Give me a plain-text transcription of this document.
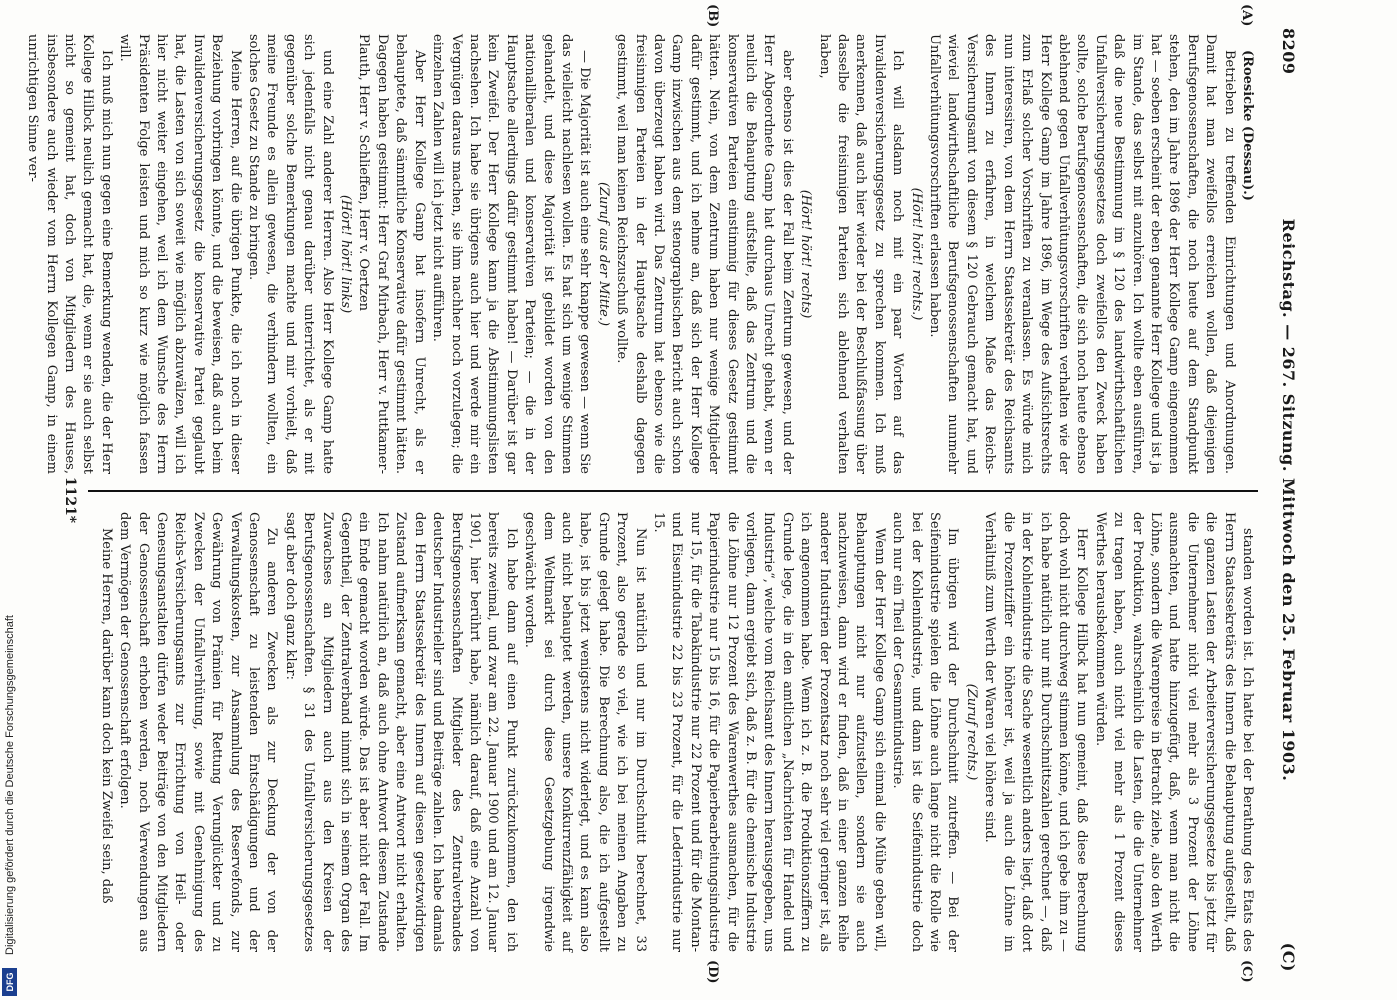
8209
Reichstag. — 267. Sitzung. Mittwoch den 25. Februar 1903.
(C)
(A)
(B)
(C)
(D)

(Roesicke (Dessau).)

Betrieben zu treffenden Einrichtungen und Anordnungen. Damit hat man zweifellos erreichen wollen, daß diejenigen Berufsgenossenschaften, die noch heute auf dem Standpunkt stehen, den im Jahre 1896 der Herr Kollege Gamp eingenommen hat — soeben erscheint der eben genannte Herr Kollege und ist ja im Stande, das selbst mit anzuhören. Ich wollte eben ausführen, daß die neue Bestimmung im § 120 des landwirthschaftlichen Unfallversicherungsgesetzes doch zweifellos den Zweck haben sollte, solche Berufsgenossenschaften, die sich noch heute ebenso ablehnend gegen Unfallverhütungsvorschriften verhalten wie der Herr Kollege Gamp im Jahre 1896, im Wege des Aufsichtsrechts zum Erlaß solcher Vorschriften zu veranlassen. Es würde mich nun interessiren, von dem Herrn Staatssekretär des Reichsamts des Innern zu erfahren, in welchem Maße das Reichs-Versicherungsamt von diesem § 120 Gebrauch gemacht hat, und wieviel landwirthschaftliche Berufsgenossenschaften nunmehr Unfallverhütungsvorschriften erlassen haben.

(Hört! hört! rechts.)

Ich will alsdann noch mit ein paar Worten auf das Invalidenversicherungsgesetz zu sprechen kommen. Ich muß anerkennen, daß auch hier wieder bei der Beschlußfassung über dasselbe die freisinnigen Parteien sich ablehnend verhalten haben,

(Hört! hört! rechts)

aber ebenso ist dies der Fall beim Zentrum gewesen, und der Herr Abgeordnete Gamp hat durchaus Unrecht gehabt, wenn er neulich die Behauptung aufstellte, daß das Zentrum und die konservativen Parteien einstimmig für dieses Gesetz gestimmt hätten. Nein, von dem Zentrum haben nur wenige Mitglieder dafür gestimmt, und ich nehme an, daß sich der Herr Kollege Gamp inzwischen aus dem stenographischen Bericht auch schon davon überzeugt haben wird. Das Zentrum hat ebenso wie die freisinnigen Parteien in der Hauptsache deshalb dagegen gestimmt, weil man keinen Reichszuschuß wollte.

(Zuruf aus der Mitte.)

— Die Majorität ist auch eine sehr knappe gewesen — wenn Sie das vielleicht nachlesen wollen. Es hat sich um wenige Stimmen gehandelt, und diese Majorität ist gebildet worden von den nationalliberalen und konservativen Parteien; — die in der Hauptsache allerdings dafür gestimmt haben! — Darüber ist gar kein Zweifel. Der Herr Kollege kann ja die Abstimmungslisten nachsehen. Ich habe sie übrigens auch hier und werde mir ein Vergnügen daraus machen, sie ihm nachher noch vorzulegen; die einzelnen Zahlen will ich jetzt nicht aufführen.

Aber Herr Kollege Gamp hat insofern Unrecht, als er behauptete, daß sämmtliche Konservative dafür gestimmt hätten. Dagegen haben gestimmt: Herr Graf Mirbach, Herr v. Puttkamer-Plauth, Herr v. Schlieffen, Herr v. Oertzen

(Hört! hört! links)

und eine Zahl anderer Herren. Also Herr Kollege Gamp hatte sich jedenfalls nicht genau darüber unterrichtet, als er mit gegenüber solche Bemerkungen machte und mir vorhielt, daß meine Freunde es allein gewesen, die verhindern wollten, ein solches Gesetz zu Stande zu bringen.

Meine Herren, auf die übrigen Punkte, die ich noch in dieser Beziehung vorbringen könnte, und die beweisen, daß auch beim Invalidenversicherungsgesetz die konservative Partei geglaubt hat, die Lasten von sich soweit wie möglich abzuwälzen, will ich hier nicht weiter eingehen, weil ich dem Wunsche des Herrn Präsidenten Folge leisten und mich so kurz wie möglich fassen will.

Ich muß mich nun gegen eine Bemerkung wenden, die der Herr Kollege Hilbck neulich gemacht hat, die, wenn er sie auch selbst nicht so gemeint hat, doch von Mitgliedern des Hauses, insbesondere auch wieder vom Herrn Kollegen Gamp, in einem unrichtigen Sinne ver-

standen worden ist. Ich hatte bei der Berathung des Etats des Herrn Staatssekretärs des Innern die Behauptung aufgestellt, daß die ganzen Lasten der Arbeiterversicherungsgesetze bis jetzt für die Unternehmer nicht viel mehr als 3 Prozent der Löhne ausmachten, und hatte hinzugefügt, daß, wenn man nicht die Löhne, sondern die Warenpreise in Betracht ziehe, also den Werth der Produktion, wahrscheinlich die Lasten, die die Unternehmer zu tragen haben, auch nicht viel mehr als 1 Prozent dieses Werthes herausbekommen würden.

Herr Kollege Hilbck hat nun gemeint, daß diese Berechnung doch wohl nicht durchweg stimmen könne, und ich gebe ihm zu — ich habe natürlich nur mit Durchschnittszahlen gerechnet —, daß in der Kohlenindustrie die Sache wesentlich anders liegt, daß dort die Prozentziffer ein höherer ist, weil ja auch die Löhne im Verhältniß zum Werth der Waren viel höhere sind.

(Zuruf rechts.)

Im übrigen wird der Durchschnitt zutreffen. — Bei der Seifenindustrie spielen die Löhne auch lange nicht die Rolle wie bei der Kohlenindustrie, und dann ist die Seifenindustrie doch auch nur ein Theil der Gesammtindustrie.

Wenn der Herr Kollege Gamp sich einmal die Mühe geben will, Behauptungen nicht nur aufzustellen, sondern sie auch nachzuweisen, dann wird er finden, daß in einer ganzen Reihe anderer Industrien der Prozentsatz noch sehr viel geringer ist, als ich angenommen habe. Wenn ich z. B. die Produktionsziffern zu Grunde lege, die in den amtlichen „Nachrichten für Handel und Industrie“, welche vom Reichsamt des Innern herausgegeben, uns vorliegen, dann ergiebt sich, daß z. B. für die chemische Industrie die Löhne nur 12 Prozent des Warenwerthes ausmachen, für die Papierindustrie nur 15 bis 16, für die Papierbearbeitungsindustrie nur 15, für die Tabakindustrie nur 22 Prozent und für die Montan- und Eisenindustrie 22 bis 23 Prozent, für die Lederindustrie nur 15.

Nun ist natürlich und nur im Durchschnitt berechnet, 33 Prozent, also gerade so viel, wie ich bei meinen Angaben zu Grunde gelegt habe. Die Berechnung also, die ich aufgestellt habe, ist bis jetzt wenigstens nicht widerlegt, und es kann also auch nicht behauptet werden, unsere Konkurrenzfähigkeit auf dem Weltmarkt sei durch diese Gesetzgebung irgendwie geschwächt worden.

Ich habe dann auf einen Punkt zurückzukommen, den ich bereits zweimal, und zwar am 22. Januar 1900 und am 12. Januar 1901, hier berührt habe, nämlich darauf, daß eine Anzahl von Berufsgenossenschaften Mitglieder des Zentralverbandes deutscher Industrieller sind und Beiträge zahlen. Ich habe damals den Herrn Staatssekretär des Innern auf diesen gesetzwidrigen Zustand aufmerksam gemacht, aber eine Antwort nicht erhalten. Ich nahm natürlich an, daß auch ohne Antwort diesem Zustande ein Ende gemacht worden würde. Das ist aber nicht der Fall. Im Gegentheil, der Zentralverband nimmt sich in seinem Organ des Zuwachses an Mitgliedern auch aus den Kreisen der Berufsgenossenschaften. § 31 des Unfallversicherungsgesetzes sagt aber doch ganz klar:

Zu anderen Zwecken als zur Deckung der von der Genossenschaft zu leistenden Entschädigungen und der Verwaltungskosten, zur Ansammlung des Reservefonds, zur Gewährung von Prämien für Rettung Verunglückter und zu Zwecken der Unfallverhütung, sowie mit Genehmigung des Reichs-Versicherungsamts zur Errichtung von Heil- oder Genesungsanstalten dürfen weder Beiträge von den Mitgliedern der Genossenschaft erhoben werden, noch Verwendungen aus dem Vermögen der Genossenschaft erfolgen.

Meine Herren, darüber kann doch kein Zweifel sein, daß

1121*
Digitalisierung gefördert durch die Deutsche Forschungsgemeinschaft
DFG
